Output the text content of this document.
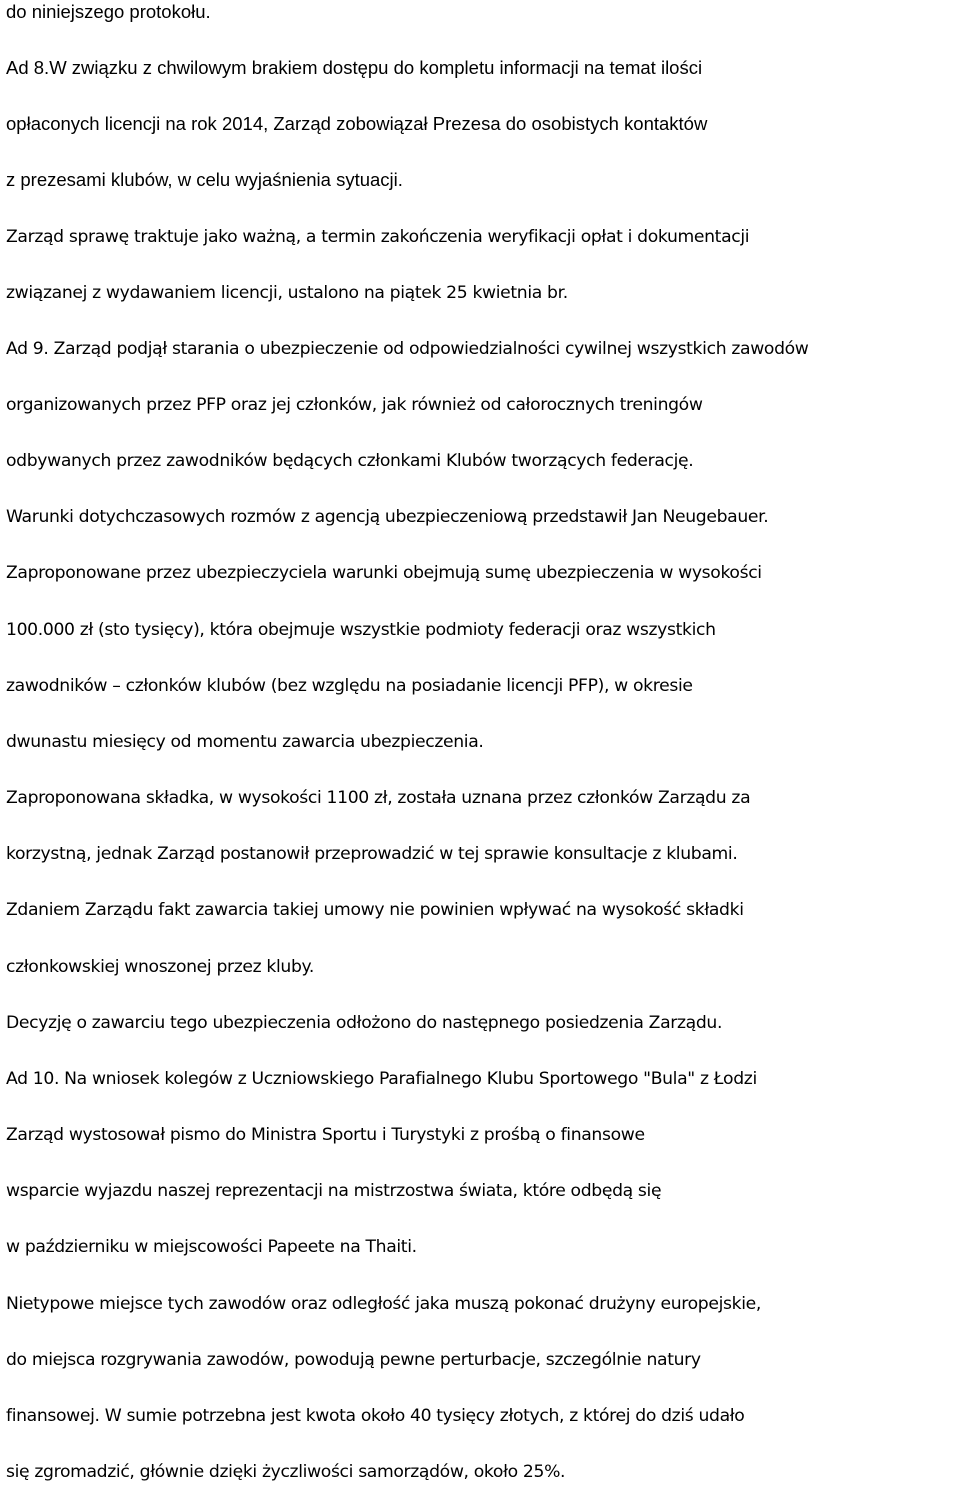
do niniejszego protokołu.
Ad 8.W związku z chwilowym brakiem dostępu do kompletu informacji na temat ilości
opłaconych licencji na rok 2014, Zarząd zobowiązał Prezesa do osobistych kontaktów
z prezesami klubów, w celu wyjaśnienia sytuacji.
Zarząd sprawę traktuje jako ważną, a termin zakończenia weryfikacji opłat i dokumentacji
związanej z wydawaniem licencji, ustalono na piątek 25 kwietnia br.
Ad 9. Zarząd podjął starania o ubezpieczenie od odpowiedzialności cywilnej wszystkich zawodów
organizowanych przez PFP oraz jej członków, jak również od całorocznych treningów
odbywanych przez zawodników będących członkami Klubów tworzących federację.
Warunki dotychczasowych rozmów z agencją ubezpieczeniową przedstawił Jan Neugebauer.
Zaproponowane przez ubezpieczyciela warunki obejmują sumę ubezpieczenia w wysokości
100.000 zł (sto tysięcy), która obejmuje wszystkie podmioty federacji oraz wszystkich
zawodników – członków klubów (bez względu na posiadanie licencji PFP), w okresie
dwunastu miesięcy od momentu zawarcia ubezpieczenia.
Zaproponowana składka, w wysokości 1100 zł, została uznana przez członków Zarządu za
korzystną, jednak Zarząd postanowił przeprowadzić w tej sprawie konsultacje z klubami.
Zdaniem Zarządu fakt zawarcia takiej umowy nie powinien wpływać na wysokość składki
członkowskiej wnoszonej przez kluby.
Decyzję o zawarciu tego ubezpieczenia odłożono do następnego posiedzenia Zarządu.
Ad 10. Na wniosek kolegów z Uczniowskiego Parafialnego Klubu Sportowego "Bula" z Łodzi
Zarząd wystosował pismo do Ministra Sportu i Turystyki z prośbą o finansowe
wsparcie wyjazdu naszej reprezentacji na mistrzostwa świata, które odbędą się
w październiku w miejscowości Papeete na Thaiti.
Nietypowe miejsce tych zawodów oraz odległość jaka muszą pokonać drużyny europejskie,
do miejsca rozgrywania zawodów, powodują pewne perturbacje, szczególnie natury
finansowej. W sumie potrzebna jest kwota około 40 tysięcy złotych, z której do dziś udało
się zgromadzić, głównie dzięki życzliwości samorządów, około 25%.
